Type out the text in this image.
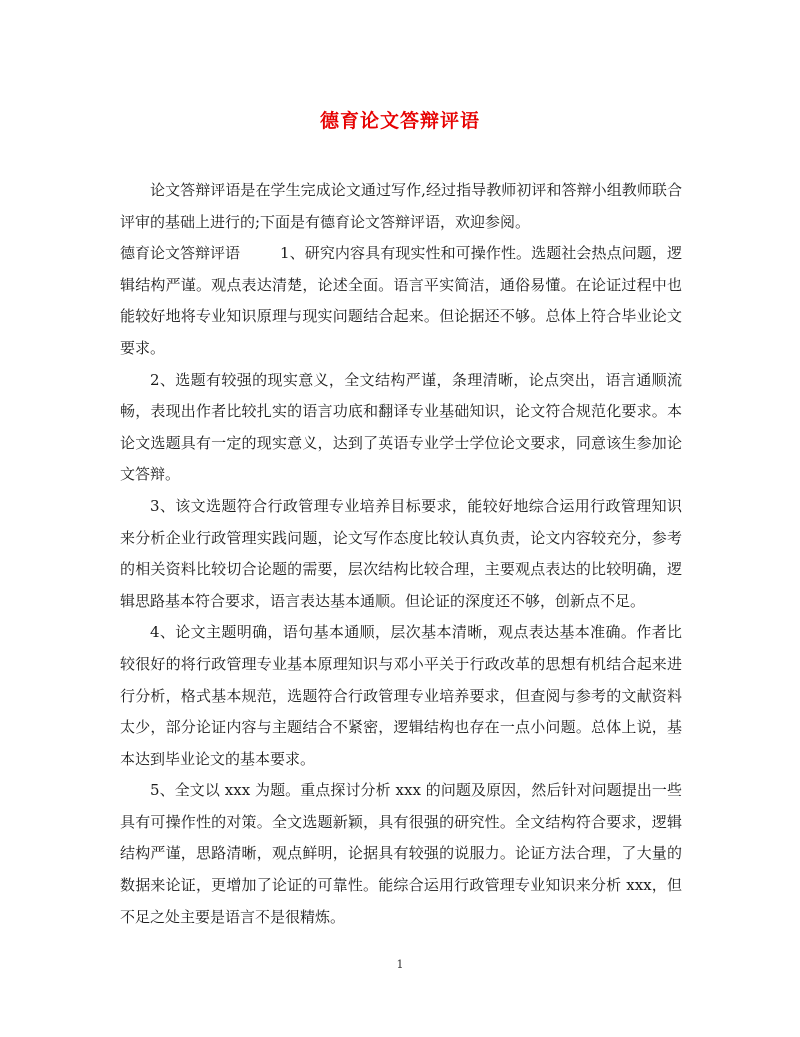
德育论文答辩评语

论文答辩评语是在学生完成论文通过写作,经过指导教师初评和答辩小组教师联合评审的基础上进行的;下面是有德育论文答辩评语，欢迎参阅。

德育论文答辩评语	1、研究内容具有现实性和可操作性。选题社会热点问题，逻辑结构严谨。观点表达清楚，论述全面。语言平实简洁，通俗易懂。在论证过程中也能较好地将专业知识原理与现实问题结合起来。但论据还不够。总体上符合毕业论文要求。

2、选题有较强的现实意义，全文结构严谨，条理清晰，论点突出，语言通顺流畅，表现出作者比较扎实的语言功底和翻译专业基础知识，论文符合规范化要求。本论文选题具有一定的现实意义，达到了英语专业学士学位论文要求，同意该生参加论文答辩。

3、该文选题符合行政管理专业培养目标要求，能较好地综合运用行政管理知识来分析企业行政管理实践问题，论文写作态度比较认真负责，论文内容较充分，参考的相关资料比较切合论题的需要，层次结构比较合理，主要观点表达的比较明确，逻辑思路基本符合要求，语言表达基本通顺。但论证的深度还不够，创新点不足。

4、论文主题明确，语句基本通顺，层次基本清晰，观点表达基本准确。作者比较很好的将行政管理专业基本原理知识与邓小平关于行政改革的思想有机结合起来进行分析，格式基本规范，选题符合行政管理专业培养要求，但查阅与参考的文献资料太少，部分论证内容与主题结合不紧密，逻辑结构也存在一点小问题。总体上说，基本达到毕业论文的基本要求。

5、全文以 xxx 为题。重点探讨分析 xxx 的问题及原因，然后针对问题提出一些具有可操作性的对策。全文选题新颖，具有很强的研究性。全文结构符合要求，逻辑结构严谨，思路清晰，观点鲜明，论据具有较强的说服力。论证方法合理，了大量的数据来论证，更增加了论证的可靠性。能综合运用行政管理专业知识来分析 xxx，但不足之处主要是语言不是很精炼。

1
